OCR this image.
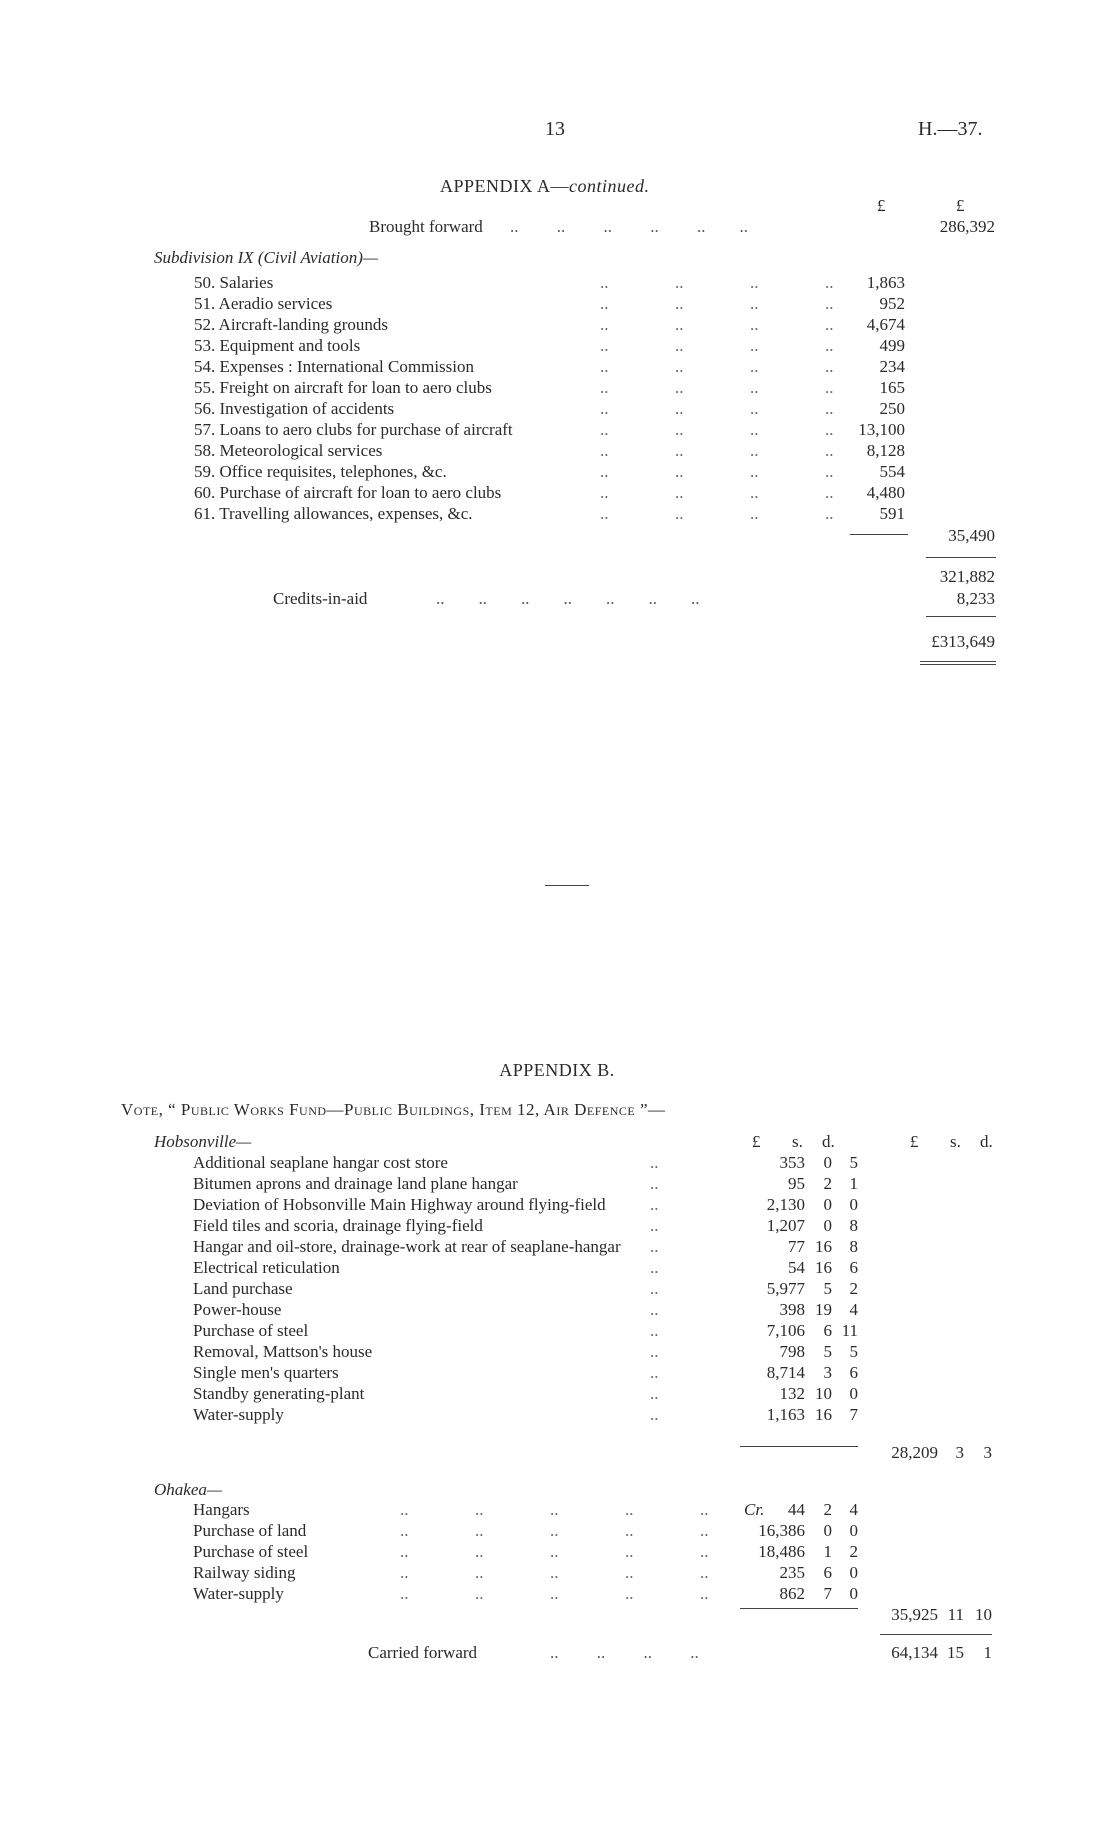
13	H.—37.
APPENDIX A—continued.
£	£
Brought forward ..         ..         ..         ..         ..        ..	286,392
Subdivision IX (Civil Aviation)—
50. Salaries	1,863
51. Aeradio services	952
52. Aircraft-landing grounds	4,674
53. Equipment and tools	499
54. Expenses : International Commission	234
55. Freight on aircraft for loan to aero clubs	165
56. Investigation of accidents	250
57. Loans to aero clubs for purchase of aircraft	13,100
58. Meteorological services	8,128
59. Office requisites, telephones, &c.	554
60. Purchase of aircraft for loan to aero clubs	4,480
61. Travelling allowances, expenses, &c.	591
..	..	..	..
..	..	..	..
..	..	..	..
..	..	..	..
..	..	..	..
..	..	..	..
..	..	..	..
..	..	..	..
..	..	..	..
..	..	..	..
..	..	..	..
..	..	..	..
35,490
321,882
Credits-in-aid	..        ..        ..        ..        ..        ..        ..	8,233
£313,649
APPENDIX B.
Vote, “ Public Works Fund—Public Buildings, Item 12, Air Defence ”—
Hobsonville—	£ s. d.	£ s. d.
Additional seaplane hangar cost store	353	0	5
Bitumen aprons and drainage land plane hangar	95	2	1
Deviation of Hobsonville Main Highway around flying-field	2,130	0	0
Field tiles and scoria, drainage flying-field	1,207	0	8
Hangar and oil-store, drainage-work at rear of seaplane-hangar	77 16	8
Electrical reticulation	54 16	6
Land purchase	5,977	5	2
Power-house	398 19	4
Purchase of steel	7,106	6 11
Removal, Mattson's house	798	5	5
Single men's quarters	8,714	3	6
Standby generating-plant	132 10	0
Water-supply	1,163 16	7
..
..
..
..
..
..
..
..
..
..
..
..
..
28,209	3	3
Ohakea—
Hangars	Cr.	44	2	4
Purchase of land	16,386	0	0
Purchase of steel	18,486	1	2
Railway siding	235	6	0
Water-supply	862	7	0
..	..	..	..	..
..	..	..	..	..
..	..	..	..	..
..	..	..	..	..
..	..	..	..	..
35,925 11 10
Carried forward	..         ..         ..         ..	64,134 15	1
